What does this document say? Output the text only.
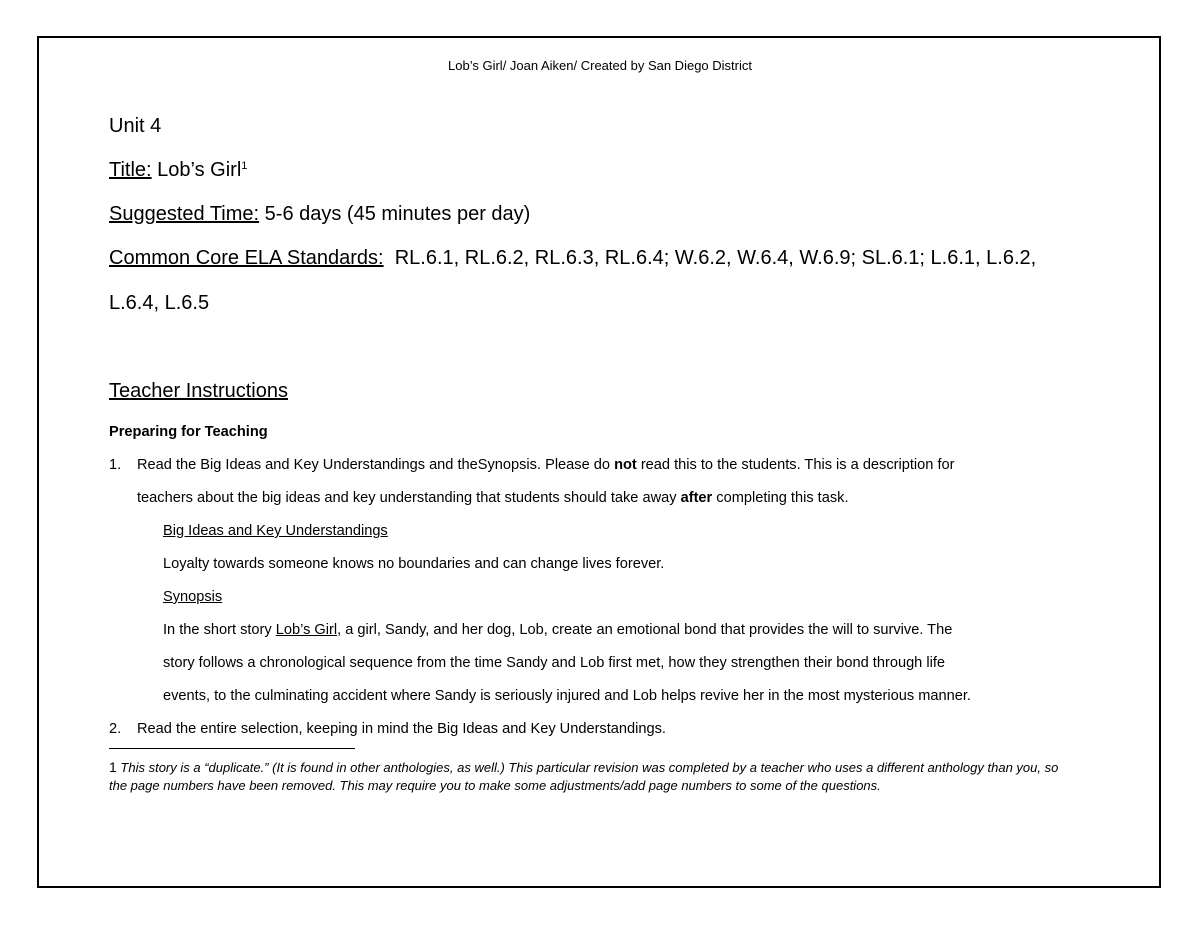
Lob’s Girl/ Joan Aiken/ Created by San Diego District
Unit 4
Title: Lob’s Girl$^1$
Suggested Time: 5-6 days (45 minutes per day)
Common Core ELA Standards: RL.6.1, RL.6.2, RL.6.3, RL.6.4; W.6.2, W.6.4, W.6.9; SL.6.1; L.6.1, L.6.2,
L.6.4, L.6.5
Teacher Instructions
Preparing for Teaching
1. Read the Big Ideas and Key Understandings and theSynopsis. Please do not read this to the students. This is a description for
teachers about the big ideas and key understanding that students should take away after completing this task.
Big Ideas and Key Understandings
Loyalty towards someone knows no boundaries and can change lives forever.
Synopsis
In the short story Lob’s Girl, a girl, Sandy, and her dog, Lob, create an emotional bond that provides the will to survive. The
story follows a chronological sequence from the time Sandy and Lob first met, how they strengthen their bond through life
events, to the culminating accident where Sandy is seriously injured and Lob helps revive her in the most mysterious manner.
2. Read the entire selection, keeping in mind the Big Ideas and Key Understandings.
1 This story is a “duplicate.” (It is found in other anthologies, as well.) This particular revision was completed by a teacher who uses a different anthology than you, so the page numbers have been removed. This may require you to make some adjustments/add page numbers to some of the questions.
